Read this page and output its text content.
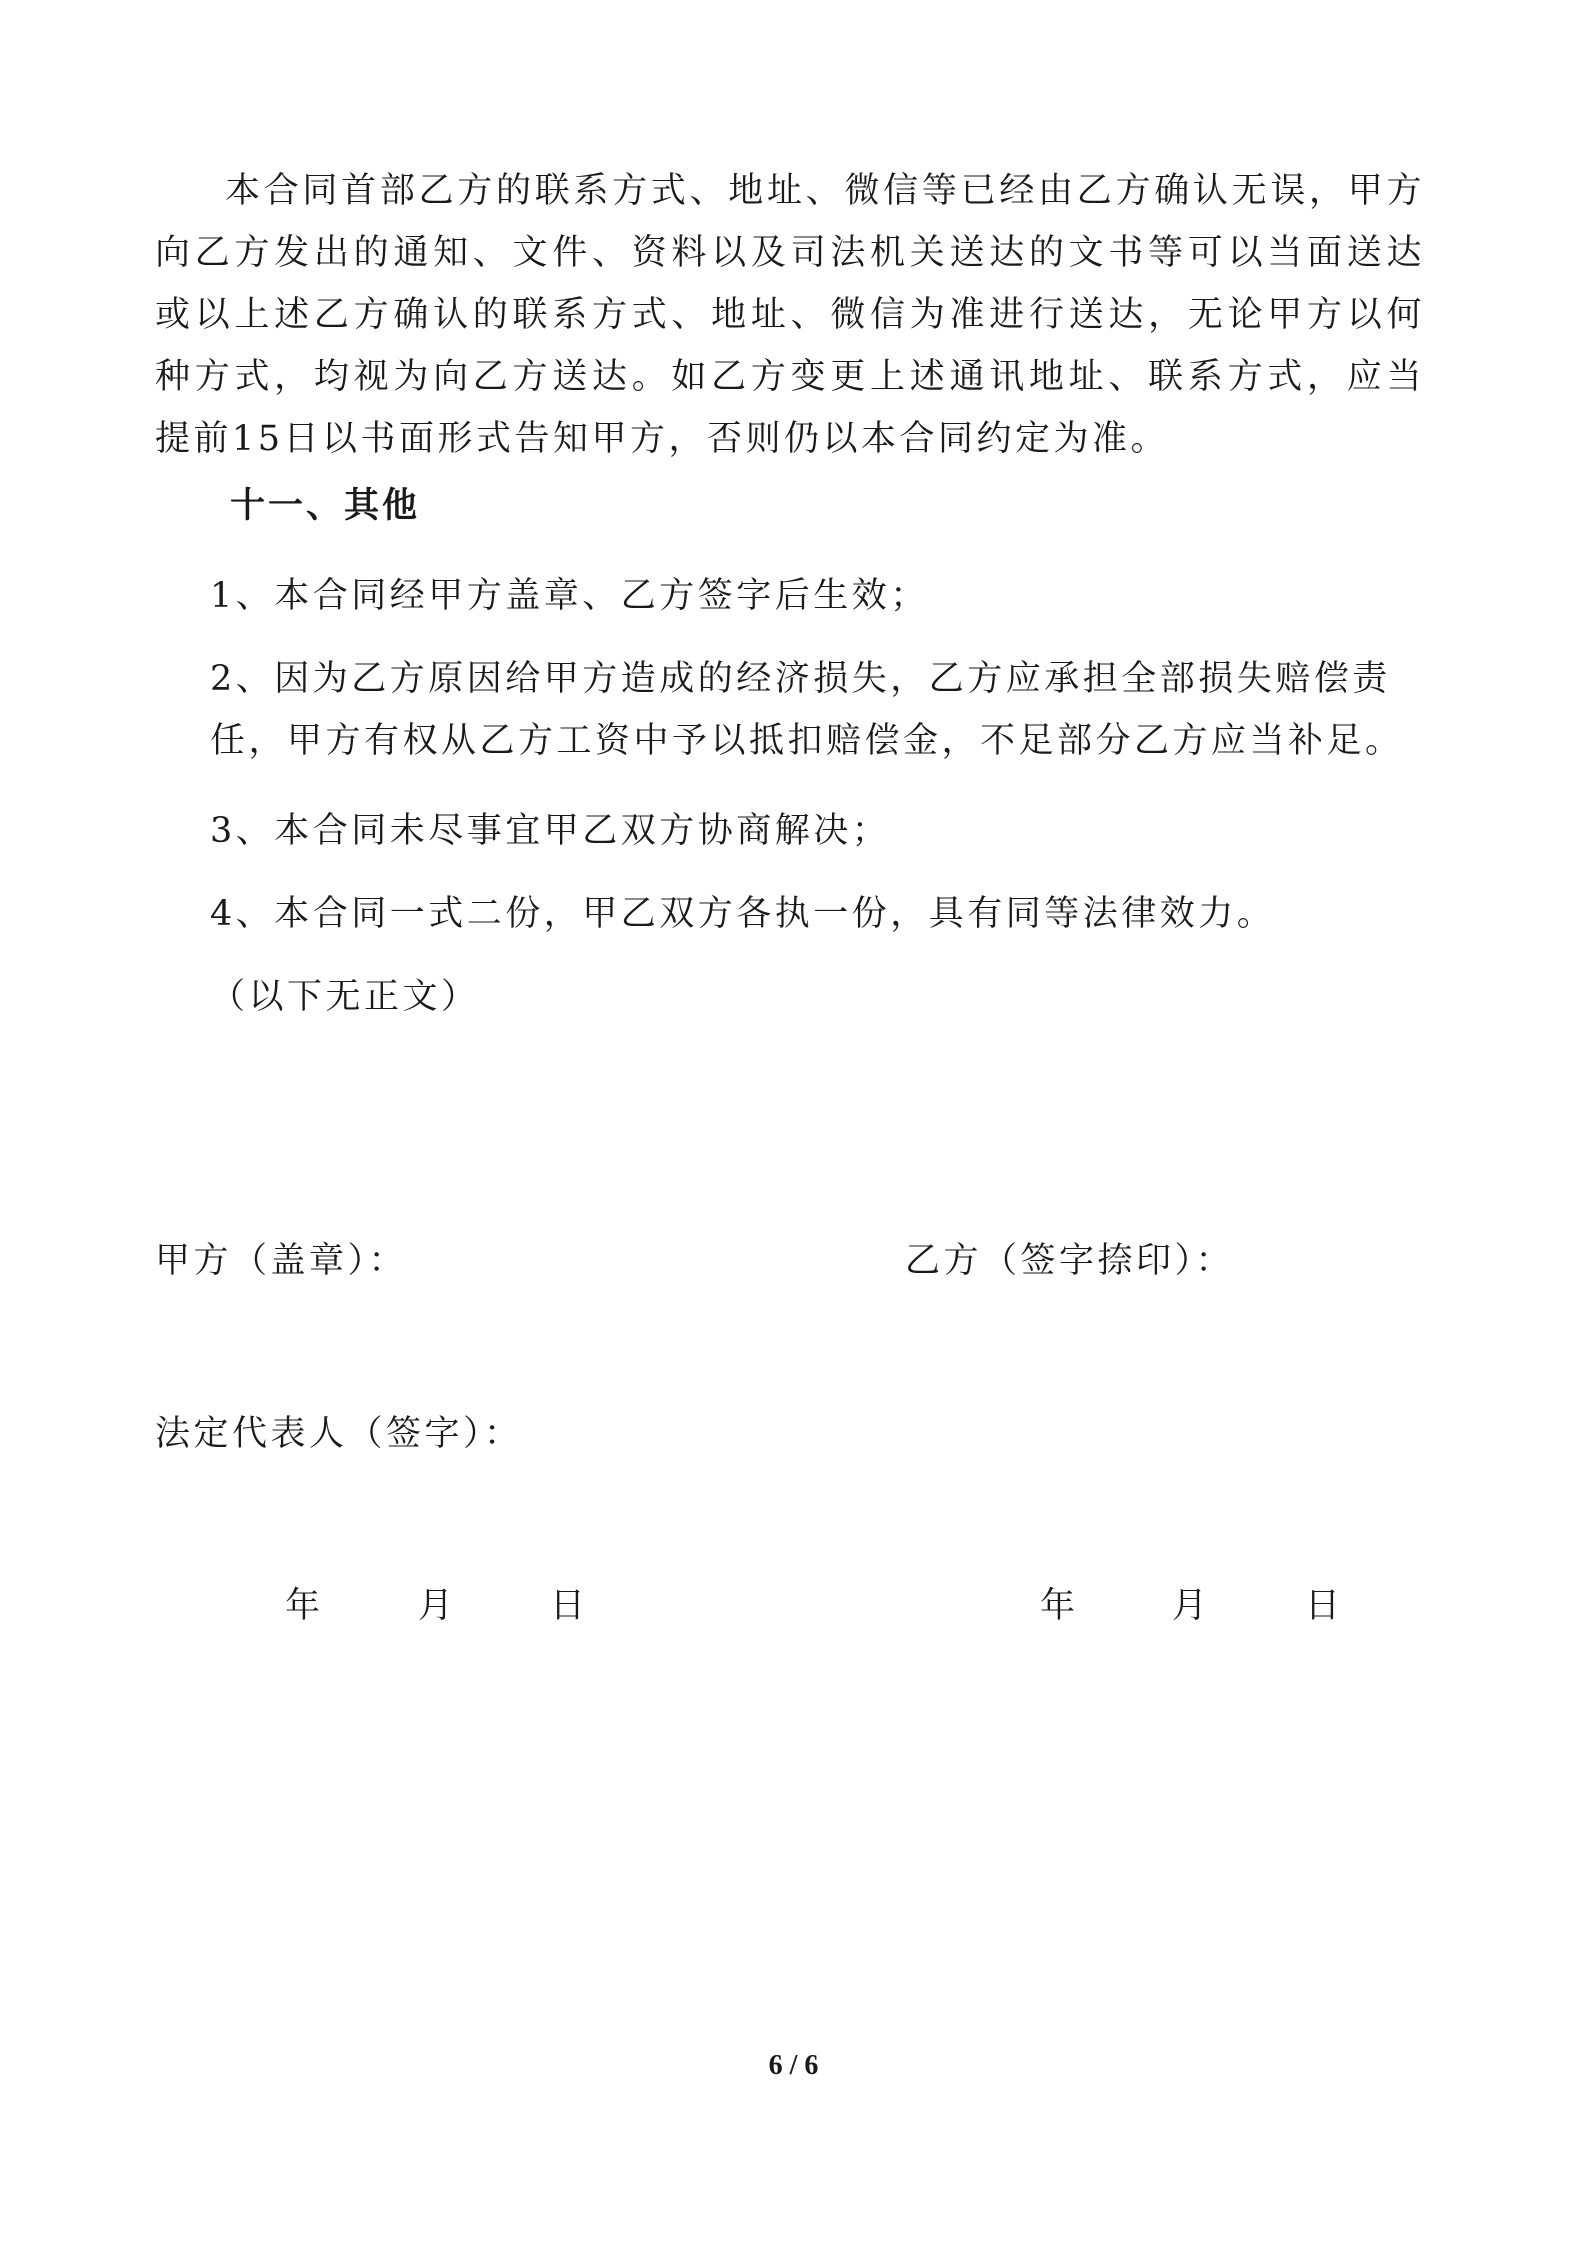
本合同首部乙方的联系方式、地址、微信等已经由乙方确认无误，甲方向乙方发出的通知、文件、资料以及司法机关送达的文书等可以当面送达或以上述乙方确认的联系方式、地址、微信为准进行送达，无论甲方以何种方式，均视为向乙方送达。如乙方变更上述通讯地址、联系方式，应当提前15日以书面形式告知甲方，否则仍以本合同约定为准。

十一、其他

1、本合同经甲方盖章、乙方签字后生效；

2、因为乙方原因给甲方造成的经济损失，乙方应承担全部损失赔偿责任，甲方有权从乙方工资中予以抵扣赔偿金，不足部分乙方应当补足。

3、本合同未尽事宜甲乙双方协商解决；

4、本合同一式二份，甲乙双方各执一份，具有同等法律效力。

（以下无正文）

甲方（盖章）：	乙方（签字捺印）：

法定代表人（签字）：

年	月	日	年	月	日

6 / 6
